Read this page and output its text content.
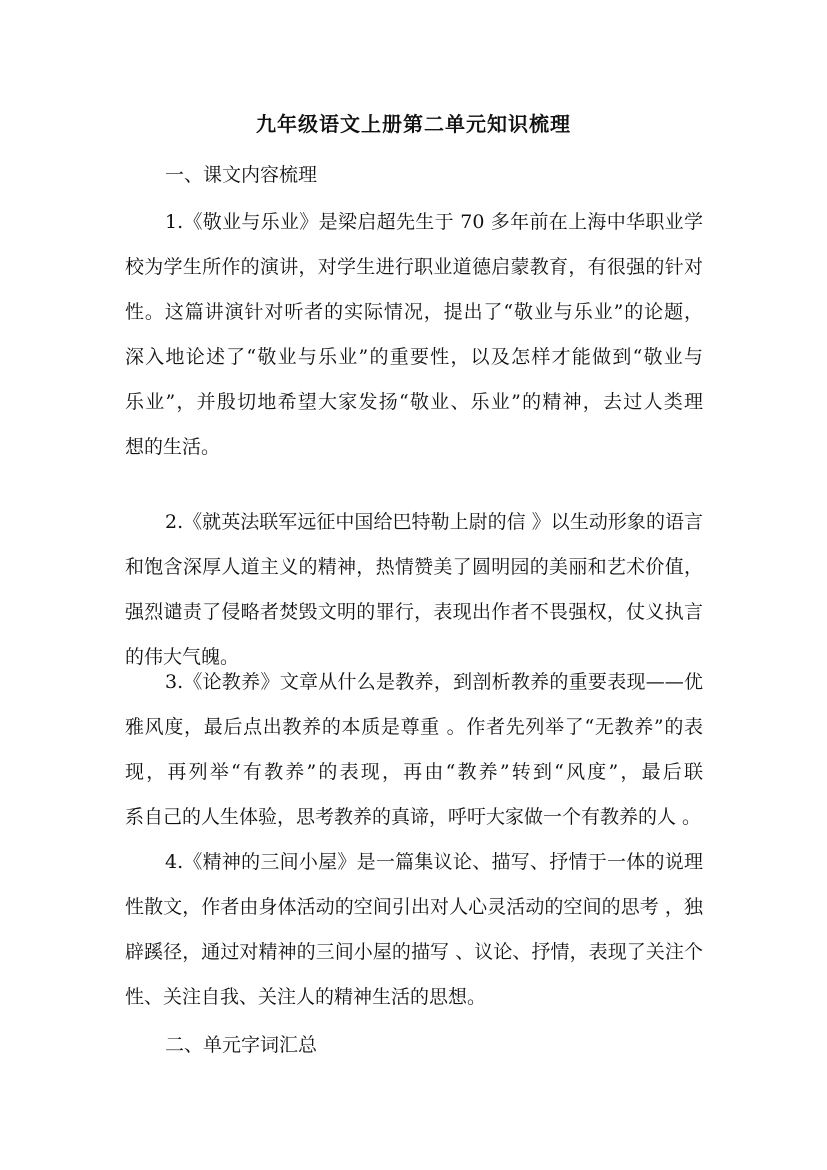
九年级语文上册第二单元知识梳理

一、课文内容梳理

1.《敬业与乐业》是梁启超先生于 70 多年前在上海中华职业学
校为学生所作的演讲，对学生进行职业道德启蒙教育，有很强的针对
性。这篇讲演针对听者的实际情况，提出了“敬业与乐业”的论题，
深入地论述了“敬业与乐业”的重要性，以及怎样才能做到“敬业与
乐业”，并殷切地希望大家发扬“敬业、乐业”的精神，去过人类理
想的生活。
2.《就英法联军远征中国给巴特勒上尉的信 》以生动形象的语言
和饱含深厚人道主义的精神，热情赞美了圆明园的美丽和艺术价值，
强烈谴责了侵略者焚毁文明的罪行，表现出作者不畏强权，仗义执言
的伟大气魄。
3.《论教养》文章从什么是教养，到剖析教养的重要表现——优
雅风度，最后点出教养的本质是尊重 。作者先列举了“无教养”的表
现，再列举“有教养”的表现，再由“教养”转到“风度”，最后联
系自己的人生体验，思考教养的真谛，呼吁大家做一个有教养的人 。
4.《精神的三间小屋》是一篇集议论、描写、抒情于一体的说理
性散文，作者由身体活动的空间引出对人心灵活动的空间的思考 ，独
辟蹊径，通过对精神的三间小屋的描写 、议论、抒情，表现了关注个
性、关注自我、关注人的精神生活的思想。

二、单元字词汇总
